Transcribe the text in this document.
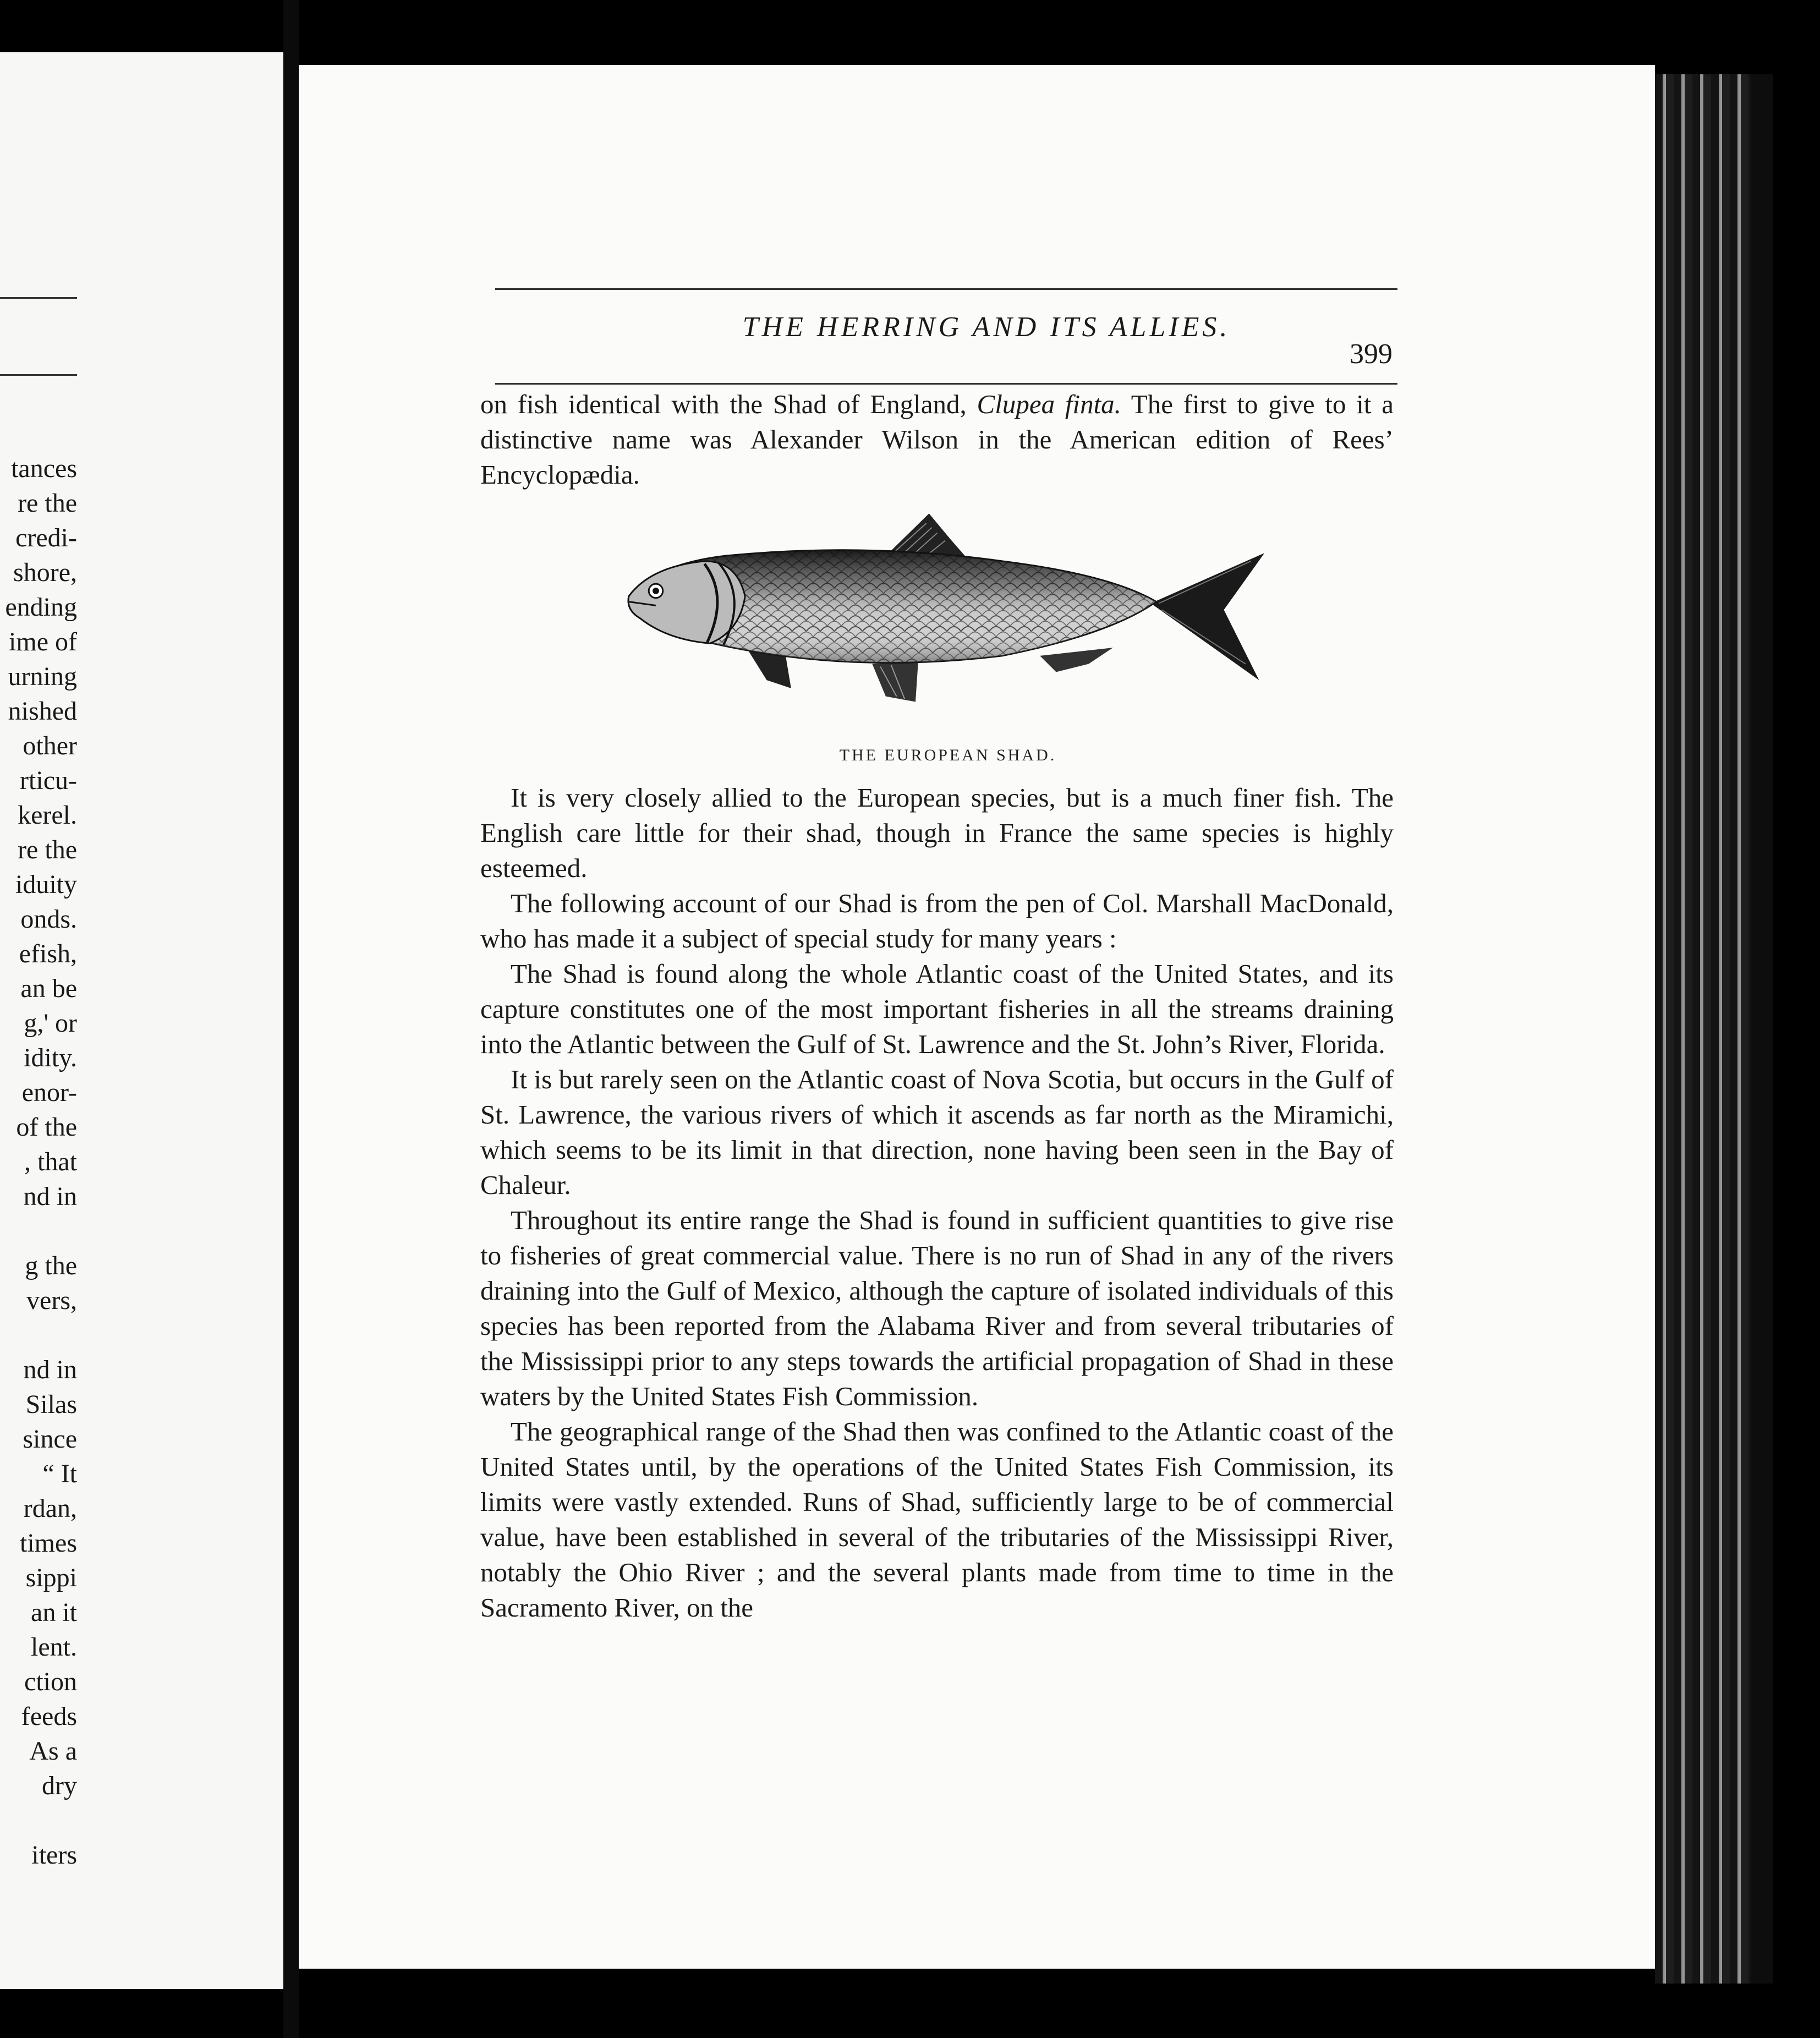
tances
re the
credi-
shore,
ending
ime of
urning
nished
other
rticu-
kerel.
re the
iduity
onds.
efish,
an be
g,' or
idity.
enor-
of the
, that
nd in
g the
vers,
nd in
Silas
since
“ It
rdan,
times
sippi
an it
lent.
ction
feeds
As a
dry
iters
THE HERRING AND ITS ALLIES.
399

on fish identical with the Shad of England, Clupea finta. The first to give to it a distinctive name was Alexander Wilson in the American edition of Rees’ Encyclopædia.

THE EUROPEAN SHAD.

It is very closely allied to the European species, but is a much finer fish. The English care little for their shad, though in France the same species is highly esteemed.

The following account of our Shad is from the pen of Col. Marshall MacDonald, who has made it a subject of special study for many years :

The Shad is found along the whole Atlantic coast of the United States, and its capture constitutes one of the most important fisheries in all the streams draining into the Atlantic between the Gulf of St. Lawrence and the St. John’s River, Florida.

It is but rarely seen on the Atlantic coast of Nova Scotia, but occurs in the Gulf of St. Lawrence, the various rivers of which it ascends as far north as the Miramichi, which seems to be its limit in that direction, none having been seen in the Bay of Chaleur.

Throughout its entire range the Shad is found in sufficient quantities to give rise to fisheries of great commercial value. There is no run of Shad in any of the rivers draining into the Gulf of Mexico, although the capture of isolated individuals of this species has been reported from the Alabama River and from several tributaries of the Mississippi prior to any steps towards the artificial propagation of Shad in these waters by the United States Fish Commission.

The geographical range of the Shad then was confined to the Atlantic coast of the United States until, by the operations of the United States Fish Commission, its limits were vastly extended. Runs of Shad, sufficiently large to be of commercial value, have been established in several of the tributaries of the Mississippi River, notably the Ohio River ; and the several plants made from time to time in the Sacramento River, on the
